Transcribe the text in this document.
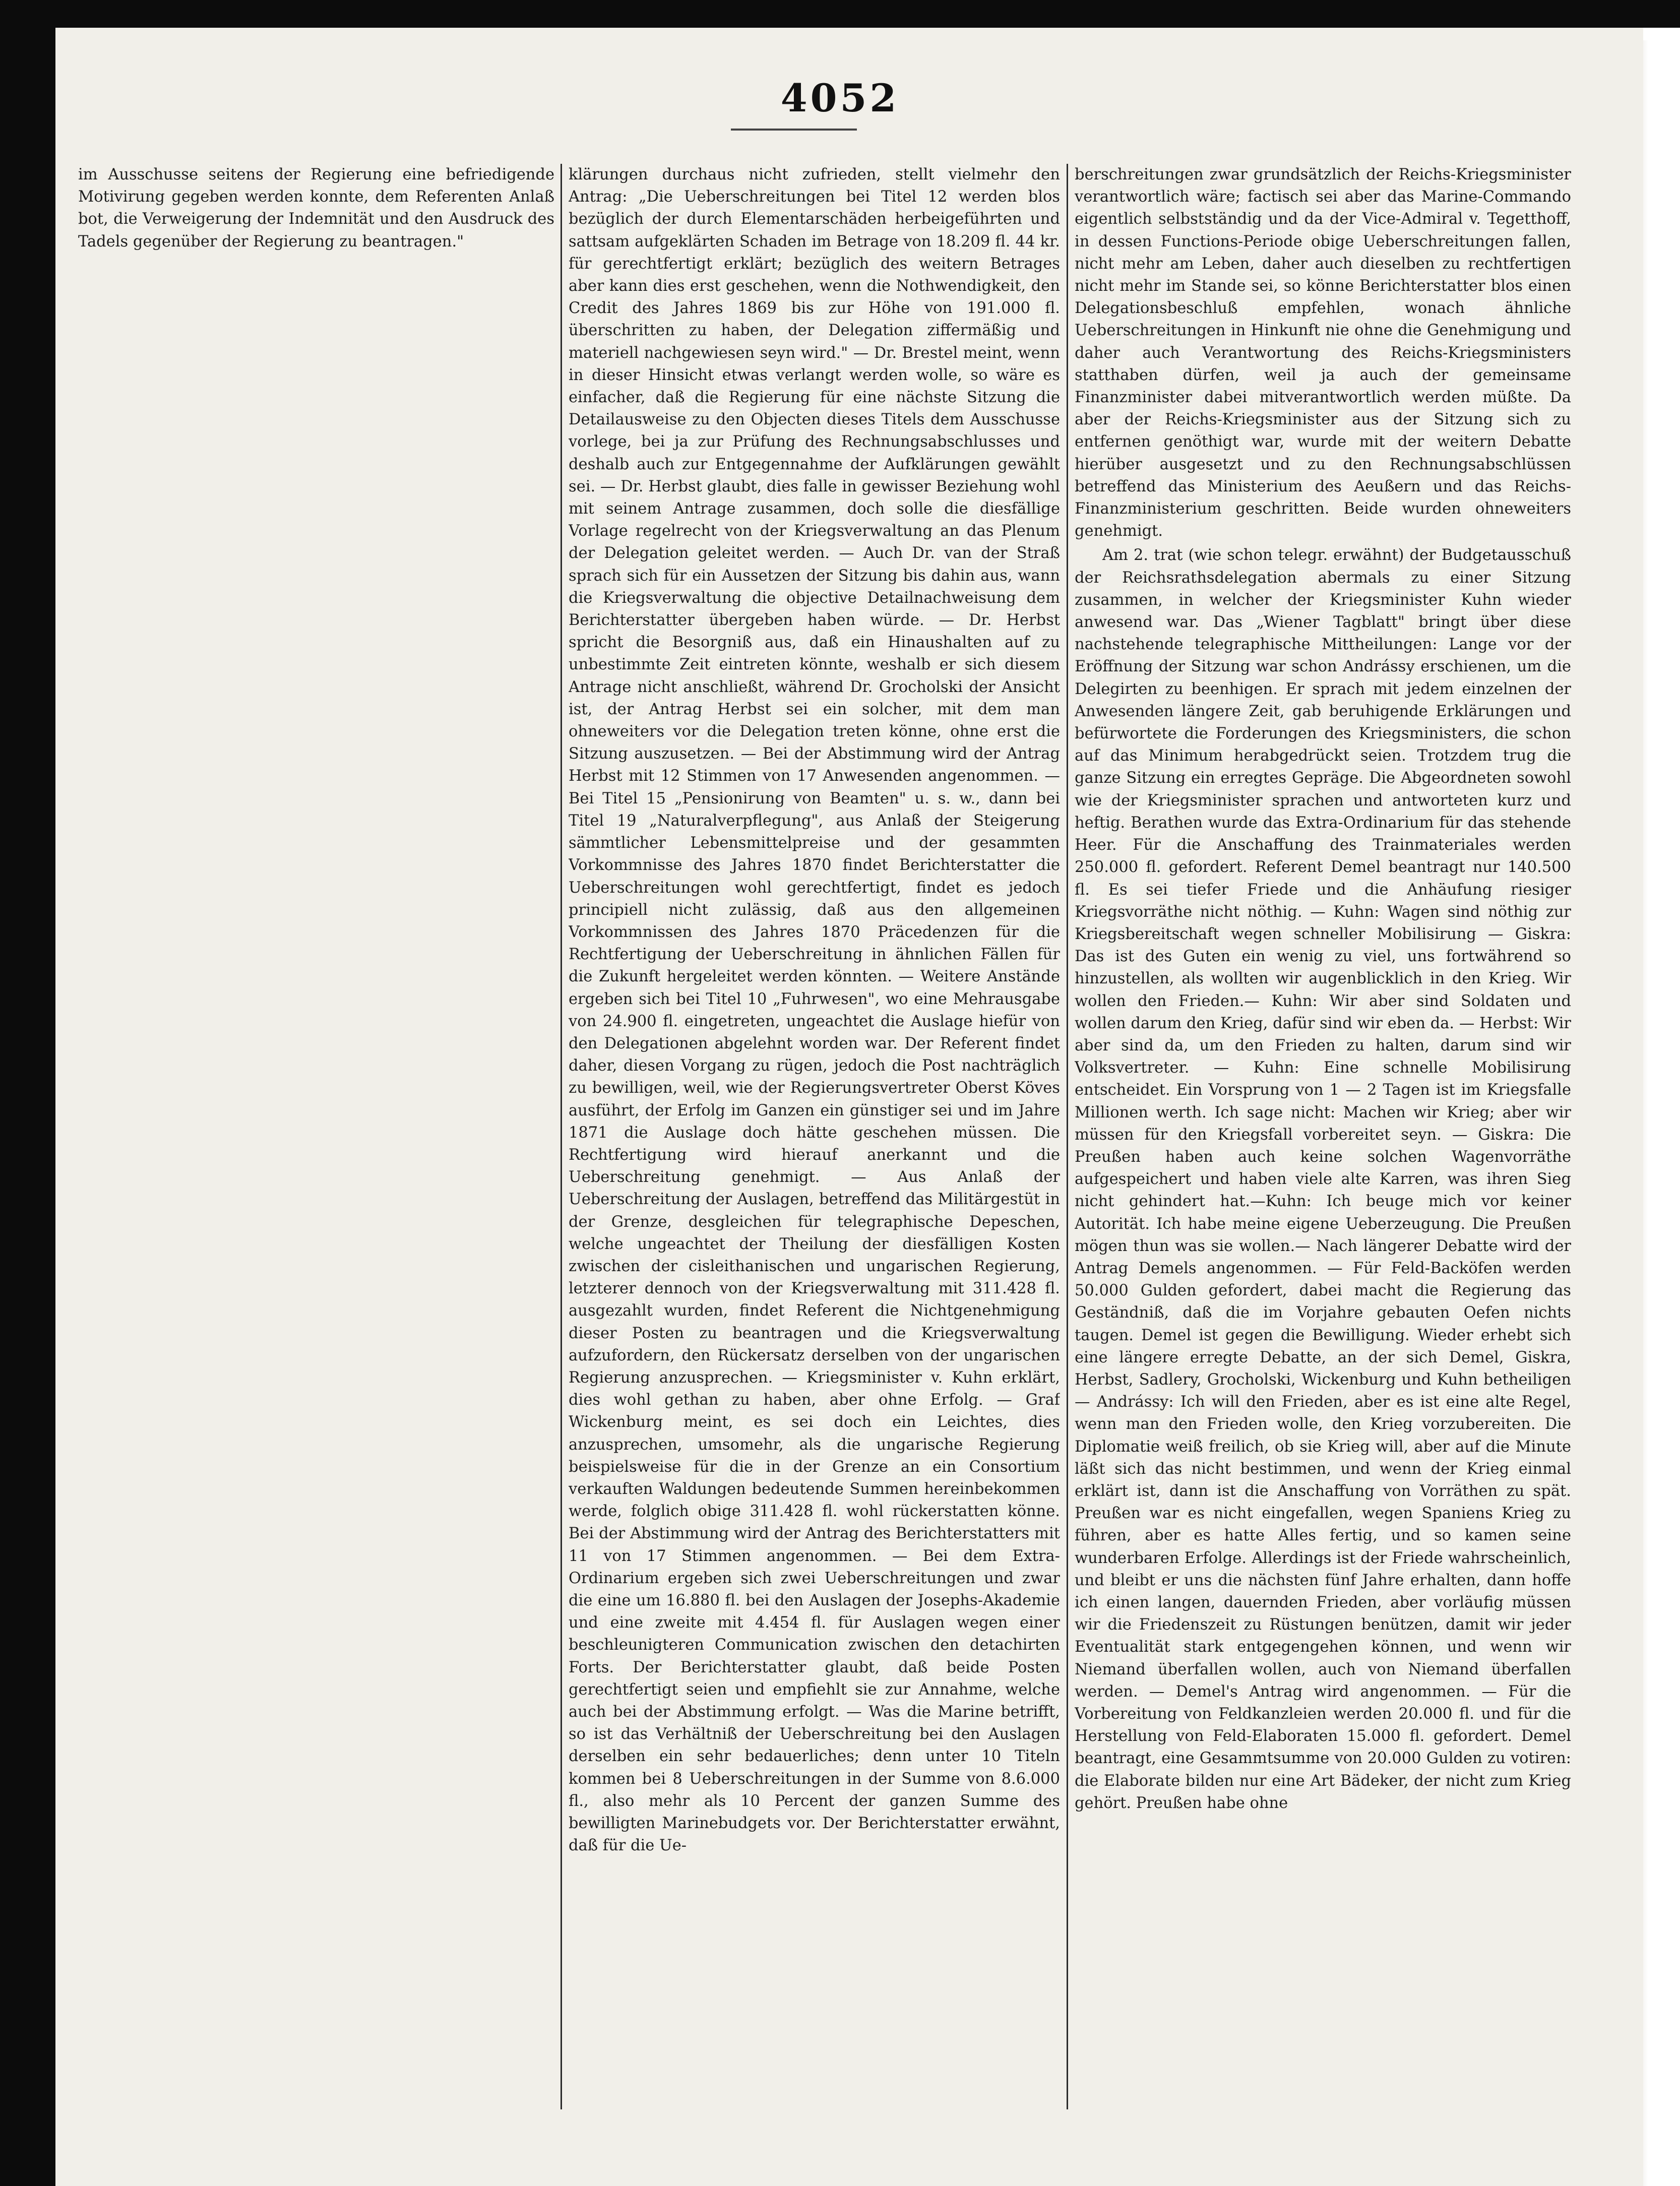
4052

im Ausschusse seitens der Regierung eine befriedigende Motivirung gegeben werden konnte, dem Referenten Anlaß bot, die Verweigerung der Indemnität und den Ausdruck des Tadels gegenüber der Regierung zu beantragen."

klärungen durchaus nicht zufrieden, stellt vielmehr den Antrag: „Die Ueberschreitungen bei Titel 12 werden blos bezüglich der durch Elementarschäden herbeigeführten und sattsam aufgeklärten Schaden im Betrage von 18.209 fl. 44 kr. für gerechtfertigt erklärt; bezüglich des weitern Betrages aber kann dies erst geschehen, wenn die Nothwendigkeit, den Credit des Jahres 1869 bis zur Höhe von 191.000 fl. überschritten zu haben, der Delegation ziffermäßig und materiell nachgewiesen seyn wird." — Dr. Brestel meint, wenn in dieser Hinsicht etwas verlangt werden wolle, so wäre es einfacher, daß die Regierung für eine nächste Sitzung die Detailausweise zu den Objecten dieses Titels dem Ausschusse vorlege, bei ja zur Prüfung des Rechnungsabschlusses und deshalb auch zur Entgegennahme der Aufklärungen gewählt sei. — Dr. Herbst glaubt, dies falle in gewisser Beziehung wohl mit seinem Antrage zusammen, doch solle die diesfällige Vorlage regelrecht von der Kriegsverwaltung an das Plenum der Delegation geleitet werden. — Auch Dr. van der Straß sprach sich für ein Aussetzen der Sitzung bis dahin aus, wann die Kriegsverwaltung die objective Detailnachweisung dem Berichterstatter übergeben haben würde. — Dr. Herbst spricht die Besorgniß aus, daß ein Hinaushalten auf zu unbestimmte Zeit eintreten könnte, weshalb er sich diesem Antrage nicht anschließt, während Dr. Grocholski der Ansicht ist, der Antrag Herbst sei ein solcher, mit dem man ohneweiters vor die Delegation treten könne, ohne erst die Sitzung auszusetzen. — Bei der Abstimmung wird der Antrag Herbst mit 12 Stimmen von 17 Anwesenden angenommen. — Bei Titel 15 „Pensionirung von Beamten" u. s. w., dann bei Titel 19 „Naturalverpflegung", aus Anlaß der Steigerung sämmtlicher Lebensmittelpreise und der gesammten Vorkommnisse des Jahres 1870 findet Berichterstatter die Ueberschreitungen wohl gerechtfertigt, findet es jedoch principiell nicht zulässig, daß aus den allgemeinen Vorkommnissen des Jahres 1870 Präcedenzen für die Rechtfertigung der Ueberschreitung in ähnlichen Fällen für die Zukunft hergeleitet werden könnten. — Weitere Anstände ergeben sich bei Titel 10 „Fuhrwesen", wo eine Mehrausgabe von 24.900 fl. eingetreten, ungeachtet die Auslage hiefür von den Delegationen abgelehnt worden war. Der Referent findet daher, diesen Vorgang zu rügen, jedoch die Post nachträglich zu bewilligen, weil, wie der Regierungsvertreter Oberst Köves ausführt, der Erfolg im Ganzen ein günstiger sei und im Jahre 1871 die Auslage doch hätte geschehen müssen. Die Rechtfertigung wird hierauf anerkannt und die Ueberschreitung genehmigt. — Aus Anlaß der Ueberschreitung der Auslagen, betreffend das Militärgestüt in der Grenze, desgleichen für telegraphische Depeschen, welche ungeachtet der Theilung der diesfälligen Kosten zwischen der cisleithanischen und ungarischen Regierung, letzterer dennoch von der Kriegsverwaltung mit 311.428 fl. ausgezahlt wurden, findet Referent die Nichtgenehmigung dieser Posten zu beantragen und die Kriegsverwaltung aufzufordern, den Rückersatz derselben von der ungarischen Regierung anzusprechen. — Kriegsminister v. Kuhn erklärt, dies wohl gethan zu haben, aber ohne Erfolg. — Graf Wickenburg meint, es sei doch ein Leichtes, dies anzusprechen, umsomehr, als die ungarische Regierung beispielsweise für die in der Grenze an ein Consortium verkauften Waldungen bedeutende Summen hereinbekommen werde, folglich obige 311.428 fl. wohl rückerstatten könne. Bei der Abstimmung wird der Antrag des Berichterstatters mit 11 von 17 Stimmen angenommen. — Bei dem Extra-Ordinarium ergeben sich zwei Ueberschreitungen und zwar die eine um 16.880 fl. bei den Auslagen der Josephs-Akademie und eine zweite mit 4.454 fl. für Auslagen wegen einer beschleunigteren Communication zwischen den detachirten Forts. Der Berichterstatter glaubt, daß beide Posten gerechtfertigt seien und empfiehlt sie zur Annahme, welche auch bei der Abstimmung erfolgt. — Was die Marine betrifft, so ist das Verhältniß der Ueberschreitung bei den Auslagen derselben ein sehr bedauerliches; denn unter 10 Titeln kommen bei 8 Ueberschreitungen in der Summe von 8.6.000 fl., also mehr als 10 Percent der ganzen Summe des bewilligten Marinebudgets vor. Der Berichterstatter erwähnt, daß für die Ue-

berschreitungen zwar grundsätzlich der Reichs-Kriegsminister verantwortlich wäre; factisch sei aber das Marine-Commando eigentlich selbstständig und da der Vice-Admiral v. Tegetthoff, in dessen Functions-Periode obige Ueberschreitungen fallen, nicht mehr am Leben, daher auch dieselben zu rechtfertigen nicht mehr im Stande sei, so könne Berichterstatter blos einen Delegationsbeschluß empfehlen, wonach ähnliche Ueberschreitungen in Hinkunft nie ohne die Genehmigung und daher auch Verantwortung des Reichs-Kriegsministers statthaben dürfen, weil ja auch der gemeinsame Finanzminister dabei mitverantwortlich werden müßte. Da aber der Reichs-Kriegsminister aus der Sitzung sich zu entfernen genöthigt war, wurde mit der weitern Debatte hierüber ausgesetzt und zu den Rechnungsabschlüssen betreffend das Ministerium des Aeußern und das Reichs-Finanzministerium geschritten. Beide wurden ohneweiters genehmigt.

Am 2. trat (wie schon telegr. erwähnt) der Budgetausschuß der Reichsrathsdelegation abermals zu einer Sitzung zusammen, in welcher der Kriegsminister Kuhn wieder anwesend war. Das „Wiener Tagblatt" bringt über diese nachstehende telegraphische Mittheilungen: Lange vor der Eröffnung der Sitzung war schon Andrássy erschienen, um die Delegirten zu beenhigen. Er sprach mit jedem einzelnen der Anwesenden längere Zeit, gab beruhigende Erklärungen und befürwortete die Forderungen des Kriegsministers, die schon auf das Minimum herabgedrückt seien. Trotzdem trug die ganze Sitzung ein erregtes Gepräge. Die Abgeordneten sowohl wie der Kriegsminister sprachen und antworteten kurz und heftig. Berathen wurde das Extra-Ordinarium für das stehende Heer. Für die Anschaffung des Trainmateriales werden 250.000 fl. gefordert. Referent Demel beantragt nur 140.500 fl. Es sei tiefer Friede und die Anhäufung riesiger Kriegsvorräthe nicht nöthig. — Kuhn: Wagen sind nöthig zur Kriegsbereitschaft wegen schneller Mobilisirung — Giskra: Das ist des Guten ein wenig zu viel, uns fortwährend so hinzustellen, als wollten wir augenblicklich in den Krieg. Wir wollen den Frieden.— Kuhn: Wir aber sind Soldaten und wollen darum den Krieg, dafür sind wir eben da. — Herbst: Wir aber sind da, um den Frieden zu halten, darum sind wir Volksvertreter. — Kuhn: Eine schnelle Mobilisirung entscheidet. Ein Vorsprung von 1 — 2 Tagen ist im Kriegsfalle Millionen werth. Ich sage nicht: Machen wir Krieg; aber wir müssen für den Kriegsfall vorbereitet seyn. — Giskra: Die Preußen haben auch keine solchen Wagenvorräthe aufgespeichert und haben viele alte Karren, was ihren Sieg nicht gehindert hat.—Kuhn: Ich beuge mich vor keiner Autorität. Ich habe meine eigene Ueberzeugung. Die Preußen mögen thun was sie wollen.— Nach längerer Debatte wird der Antrag Demels angenommen. — Für Feld-Backöfen werden 50.000 Gulden gefordert, dabei macht die Regierung das Geständniß, daß die im Vorjahre gebauten Oefen nichts taugen. Demel ist gegen die Bewilligung. Wieder erhebt sich eine längere erregte Debatte, an der sich Demel, Giskra, Herbst, Sadlery, Grocholski, Wickenburg und Kuhn betheiligen — Andrássy: Ich will den Frieden, aber es ist eine alte Regel, wenn man den Frieden wolle, den Krieg vorzubereiten. Die Diplomatie weiß freilich, ob sie Krieg will, aber auf die Minute läßt sich das nicht bestimmen, und wenn der Krieg einmal erklärt ist, dann ist die Anschaffung von Vorräthen zu spät. Preußen war es nicht eingefallen, wegen Spaniens Krieg zu führen, aber es hatte Alles fertig, und so kamen seine wunderbaren Erfolge. Allerdings ist der Friede wahrscheinlich, und bleibt er uns die nächsten fünf Jahre erhalten, dann hoffe ich einen langen, dauernden Frieden, aber vorläufig müssen wir die Friedenszeit zu Rüstungen benützen, damit wir jeder Eventualität stark entgegengehen können, und wenn wir Niemand überfallen wollen, auch von Niemand überfallen werden. — Demel's Antrag wird angenommen. — Für die Vorbereitung von Feldkanzleien werden 20.000 fl. und für die Herstellung von Feld-Elaboraten 15.000 fl. gefordert. Demel beantragt, eine Gesammtsumme von 20.000 Gulden zu votiren: die Elaborate bilden nur eine Art Bädeker, der nicht zum Krieg gehört. Preußen habe ohne
